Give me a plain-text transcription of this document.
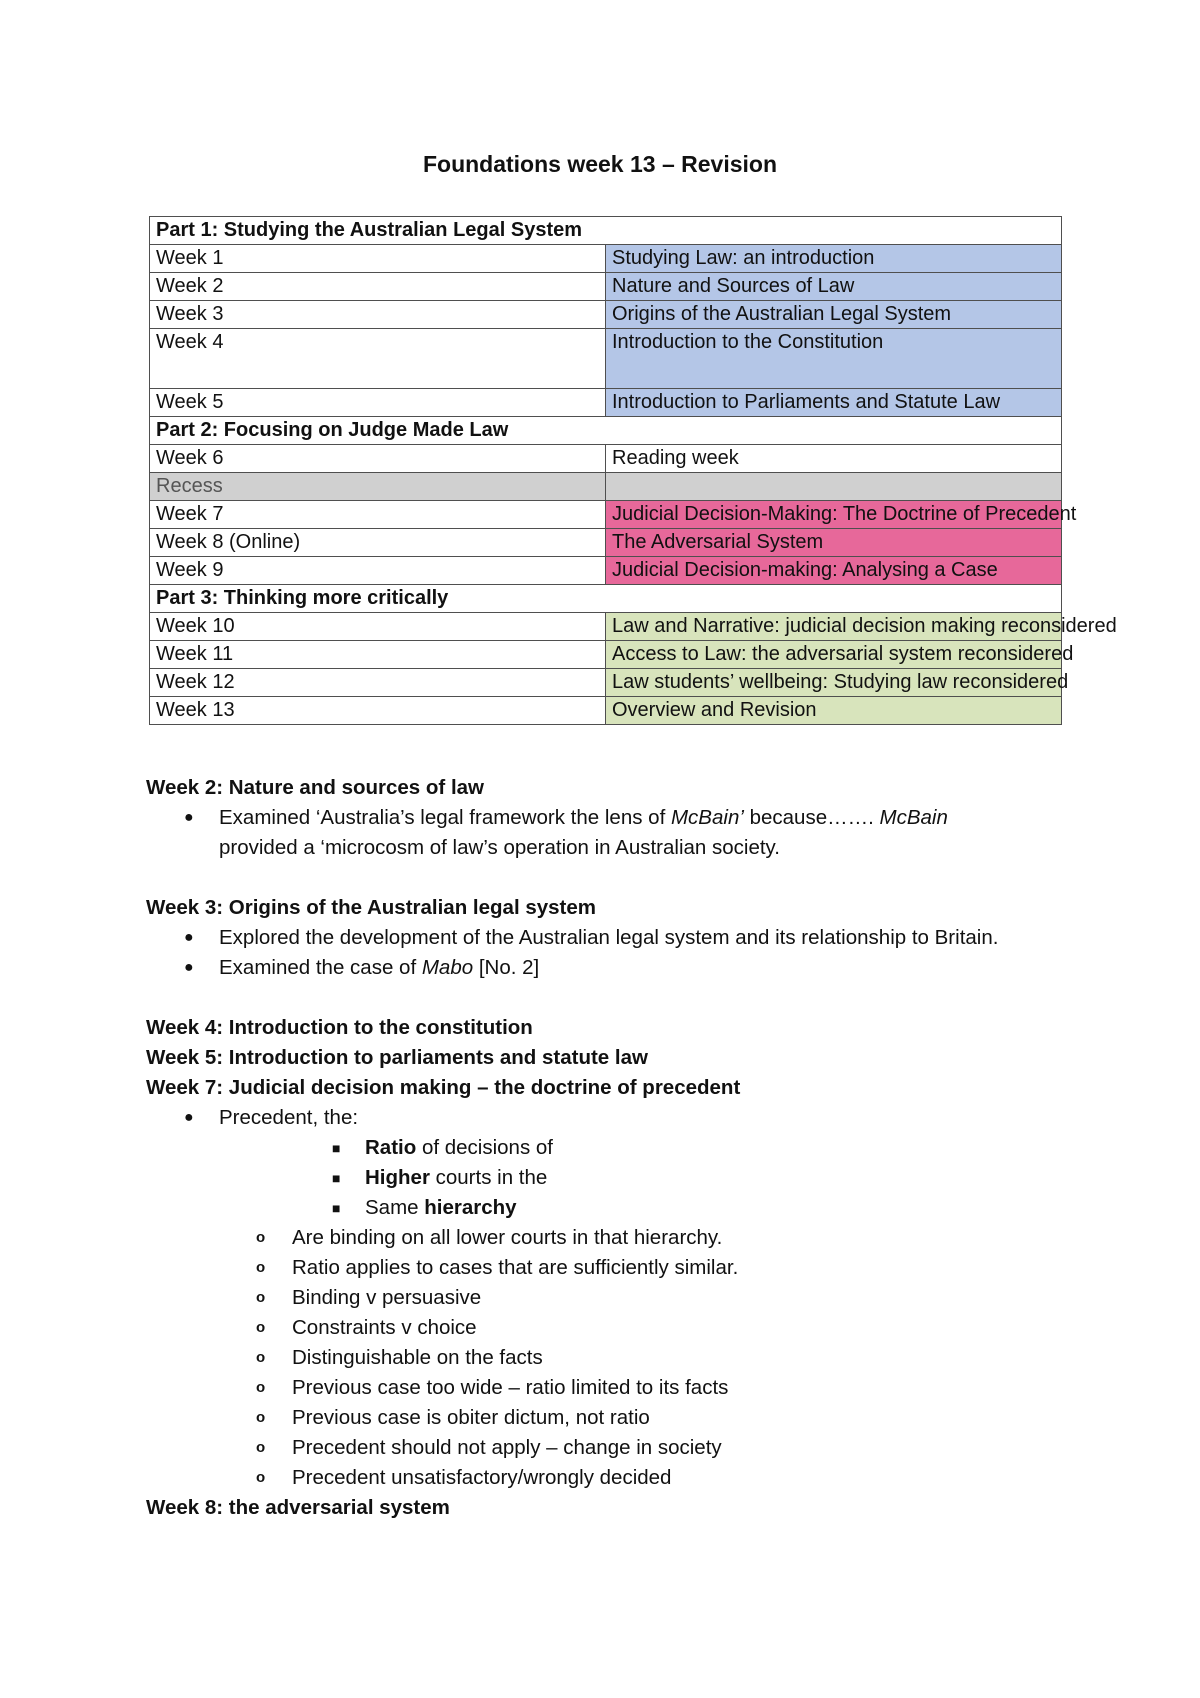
Foundations week 13 – Revision
Part 1: Studying the Australian Legal System	
Week 1	Studying Law: an introduction
Week 2	Nature and Sources of Law
Week 3	Origins of the Australian Legal System
Week 4	Introduction to the Constitution
Week 5	Introduction to Parliaments and Statute Law
Part 2: Focusing on Judge Made Law	
Week 6	Reading week
Recess	
Week 7	Judicial Decision-Making: The Doctrine of Precedent
Week 8 (Online)	The Adversarial System
Week 9	Judicial Decision-making: Analysing a Case
Part 3: Thinking more critically	
Week 10	Law and Narrative: judicial decision making reconsidered
Week 11	Access to Law: the adversarial system reconsidered
Week 12	Law students’ wellbeing: Studying law reconsidered
Week 13	Overview and Revision

Week 2: Nature and sources of law

● Examined ‘Australia’s legal framework the lens of McBain’ because……. McBain
provided a ‘microcosm of law’s operation in Australian society.

Week 3: Origins of the Australian legal system

● Explored the development of the Australian legal system and its relationship to Britain.
● Examined the case of Mabo [No. 2]

Week 4: Introduction to the constitution

Week 5: Introduction to parliaments and statute law

Week 7: Judicial decision making – the doctrine of precedent

● Precedent, the:
■ Ratio of decisions of
■ Higher courts in the
■ Same hierarchy
o Are binding on all lower courts in that hierarchy.
o Ratio applies to cases that are sufficiently similar.
o Binding v persuasive
o Constraints v choice
o Distinguishable on the facts
o Previous case too wide – ratio limited to its facts
o Previous case is obiter dictum, not ratio
o Precedent should not apply – change in society
o Precedent unsatisfactory/wrongly decided

Week 8: the adversarial system
